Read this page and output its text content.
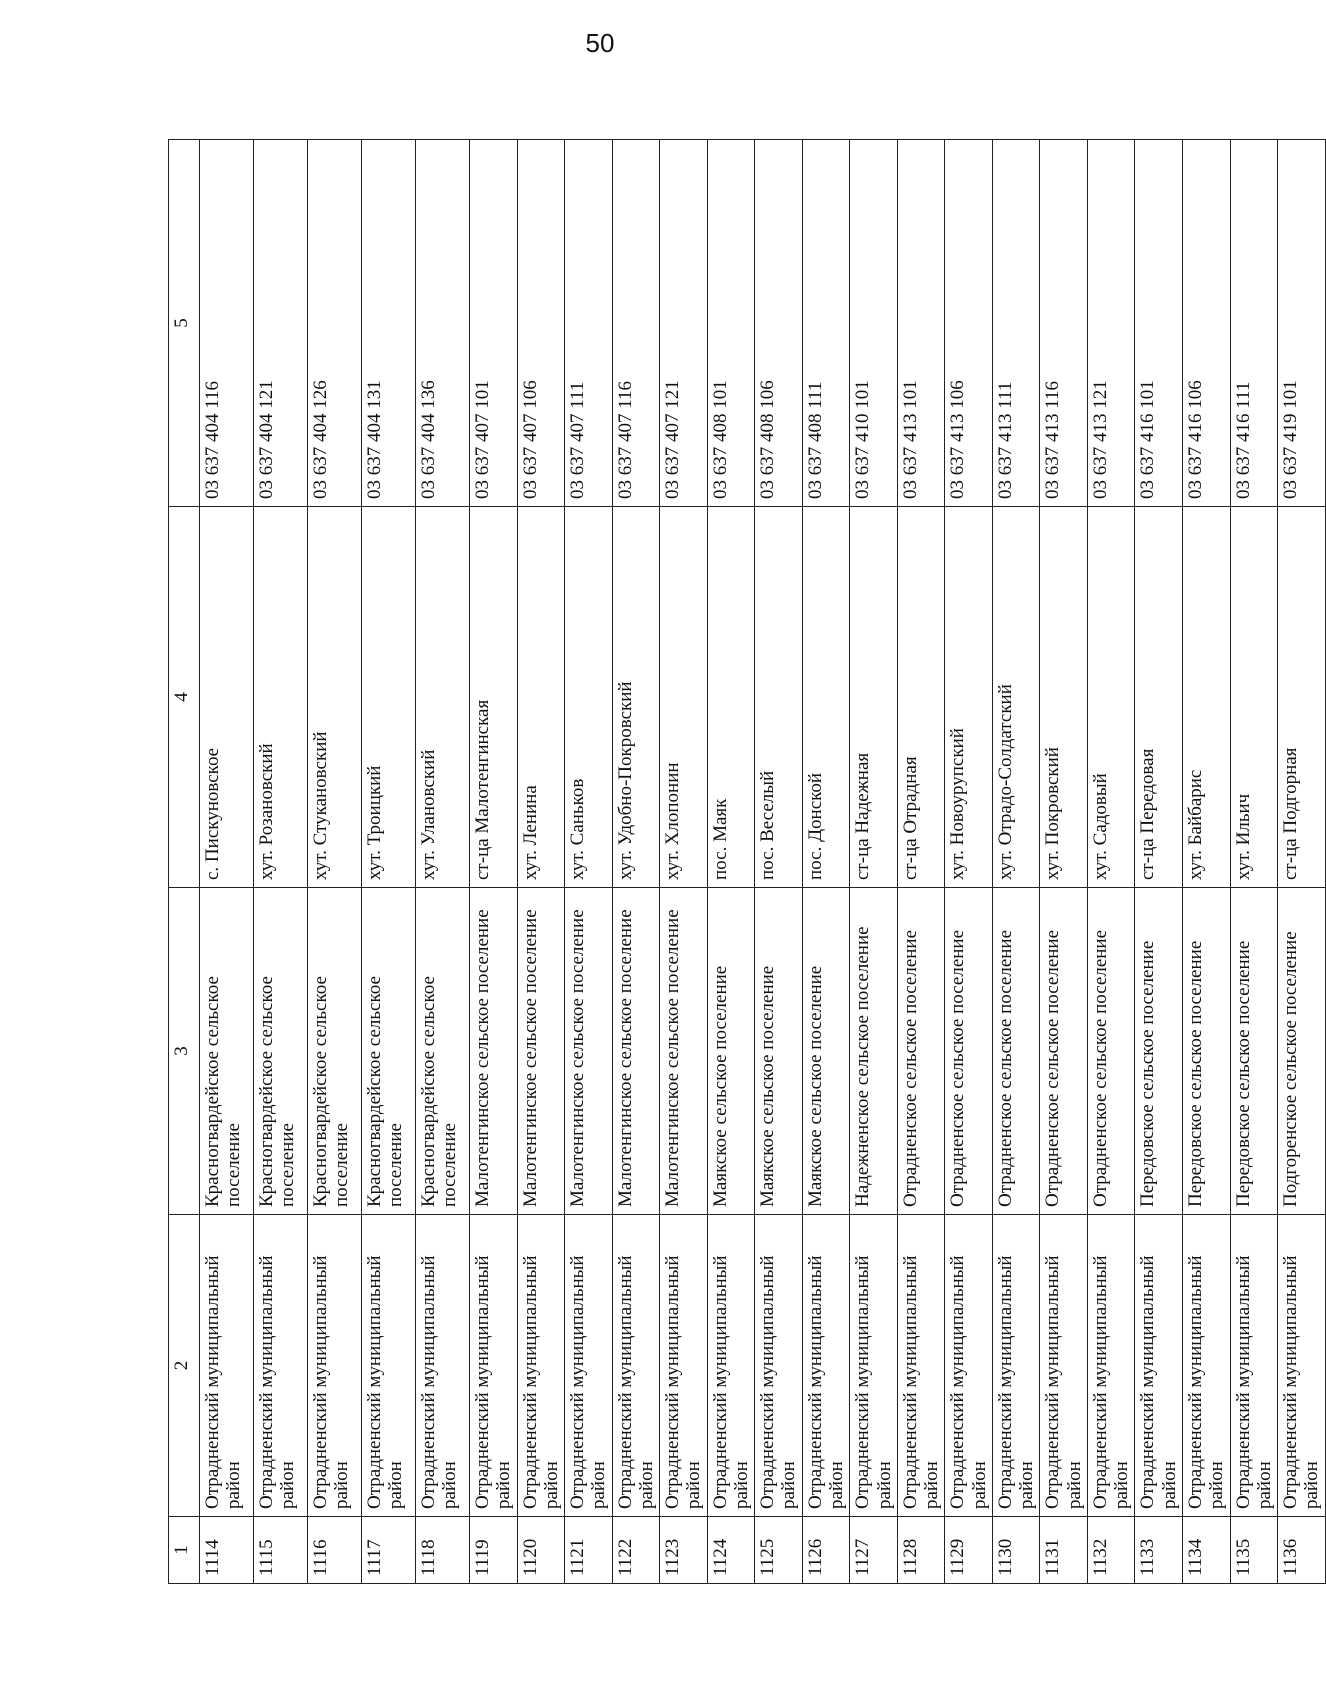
50
1	2	3	4	5
1114	Отрадненский муниципальный район	Красногвардейское сельское поселение	с. Пискуновское	03 637 404 116
1115	Отрадненский муниципальный район	Красногвардейское сельское поселение	хут. Розановский	03 637 404 121
1116	Отрадненский муниципальный район	Красногвардейское сельское поселение	хут. Стукановский	03 637 404 126
1117	Отрадненский муниципальный район	Красногвардейское сельское поселение	хут. Троицкий	03 637 404 131
1118	Отрадненский муниципальный район	Красногвардейское сельское поселение	хут. Улановский	03 637 404 136
1119	Отрадненский муниципальный район	Малотенгинское сельское поселение	ст-ца Малотенгинская	03 637 407 101
1120	Отрадненский муниципальный район	Малотенгинское сельское поселение	хут. Ленина	03 637 407 106
1121	Отрадненский муниципальный район	Малотенгинское сельское поселение	хут. Саньков	03 637 407 111
1122	Отрадненский муниципальный район	Малотенгинское сельское поселение	хут. Удобно-Покровский	03 637 407 116
1123	Отрадненский муниципальный район	Малотенгинское сельское поселение	хут. Хлопонин	03 637 407 121
1124	Отрадненский муниципальный район	Маякское сельское поселение	пос. Маяк	03 637 408 101
1125	Отрадненский муниципальный район	Маякское сельское поселение	пос. Веселый	03 637 408 106
1126	Отрадненский муниципальный район	Маякское сельское поселение	пос. Донской	03 637 408 111
1127	Отрадненский муниципальный район	Надежненское сельское поселение	ст-ца Надежная	03 637 410 101
1128	Отрадненский муниципальный район	Отрадненское сельское поселение	ст-ца Отрадная	03 637 413 101
1129	Отрадненский муниципальный район	Отрадненское сельское поселение	хут. Новоурупский	03 637 413 106
1130	Отрадненский муниципальный район	Отрадненское сельское поселение	хут. Отрадо-Солдатский	03 637 413 111
1131	Отрадненский муниципальный район	Отрадненское сельское поселение	хут. Покровский	03 637 413 116
1132	Отрадненский муниципальный район	Отрадненское сельское поселение	хут. Садовый	03 637 413 121
1133	Отрадненский муниципальный район	Передовское сельское поселение	ст-ца Передовая	03 637 416 101
1134	Отрадненский муниципальный район	Передовское сельское поселение	хут. Байбарис	03 637 416 106
1135	Отрадненский муниципальный район	Передовское сельское поселение	хут. Ильич	03 637 416 111
1136	Отрадненский муниципальный район	Подгоренское сельское поселение	ст-ца Подгорная	03 637 419 101
